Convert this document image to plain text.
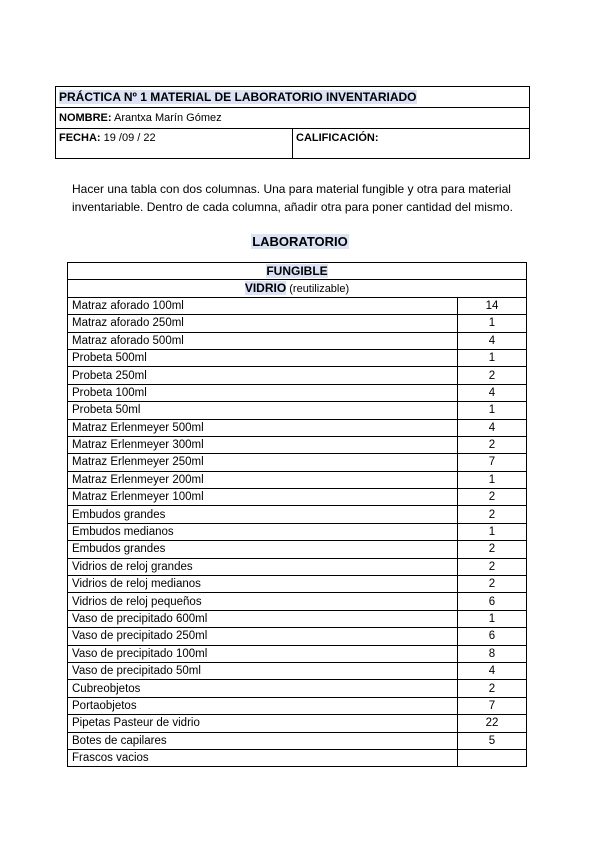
PRÁCTICA Nº 1 MATERIAL DE LABORATORIO INVENTARIADO
NOMBRE: Arantxa Marín Gómez
FECHA: 19 /09 / 22	CALIFICACIÓN:

Hacer una tabla con dos columnas. Una para material fungible y otra para material inventariable. Dentro de cada columna, añadir otra para poner cantidad del mismo.

LABORATORIO
FUNGIBLE	
VIDRIO (reutilizable)	
Matraz aforado 100ml	14
Matraz aforado 250ml	1
Matraz aforado 500ml	4
Probeta 500ml	1
Probeta 250ml	2
Probeta 100ml	4
Probeta 50ml	1
Matraz Erlenmeyer 500ml	4
Matraz Erlenmeyer 300ml	2
Matraz Erlenmeyer 250ml	7
Matraz Erlenmeyer 200ml	1
Matraz Erlenmeyer 100ml	2
Embudos grandes	2
Embudos medianos	1
Embudos grandes	2
Vidrios de reloj grandes	2
Vidrios de reloj medianos	2
Vidrios de reloj pequeños	6
Vaso de precipitado 600ml	1
Vaso de precipitado 250ml	6
Vaso de precipitado 100ml	8
Vaso de precipitado 50ml	4
Cubreobjetos	2
Portaobjetos	7
Pipetas Pasteur de vidrio	22
Botes de capilares	5
Frascos vacios	
